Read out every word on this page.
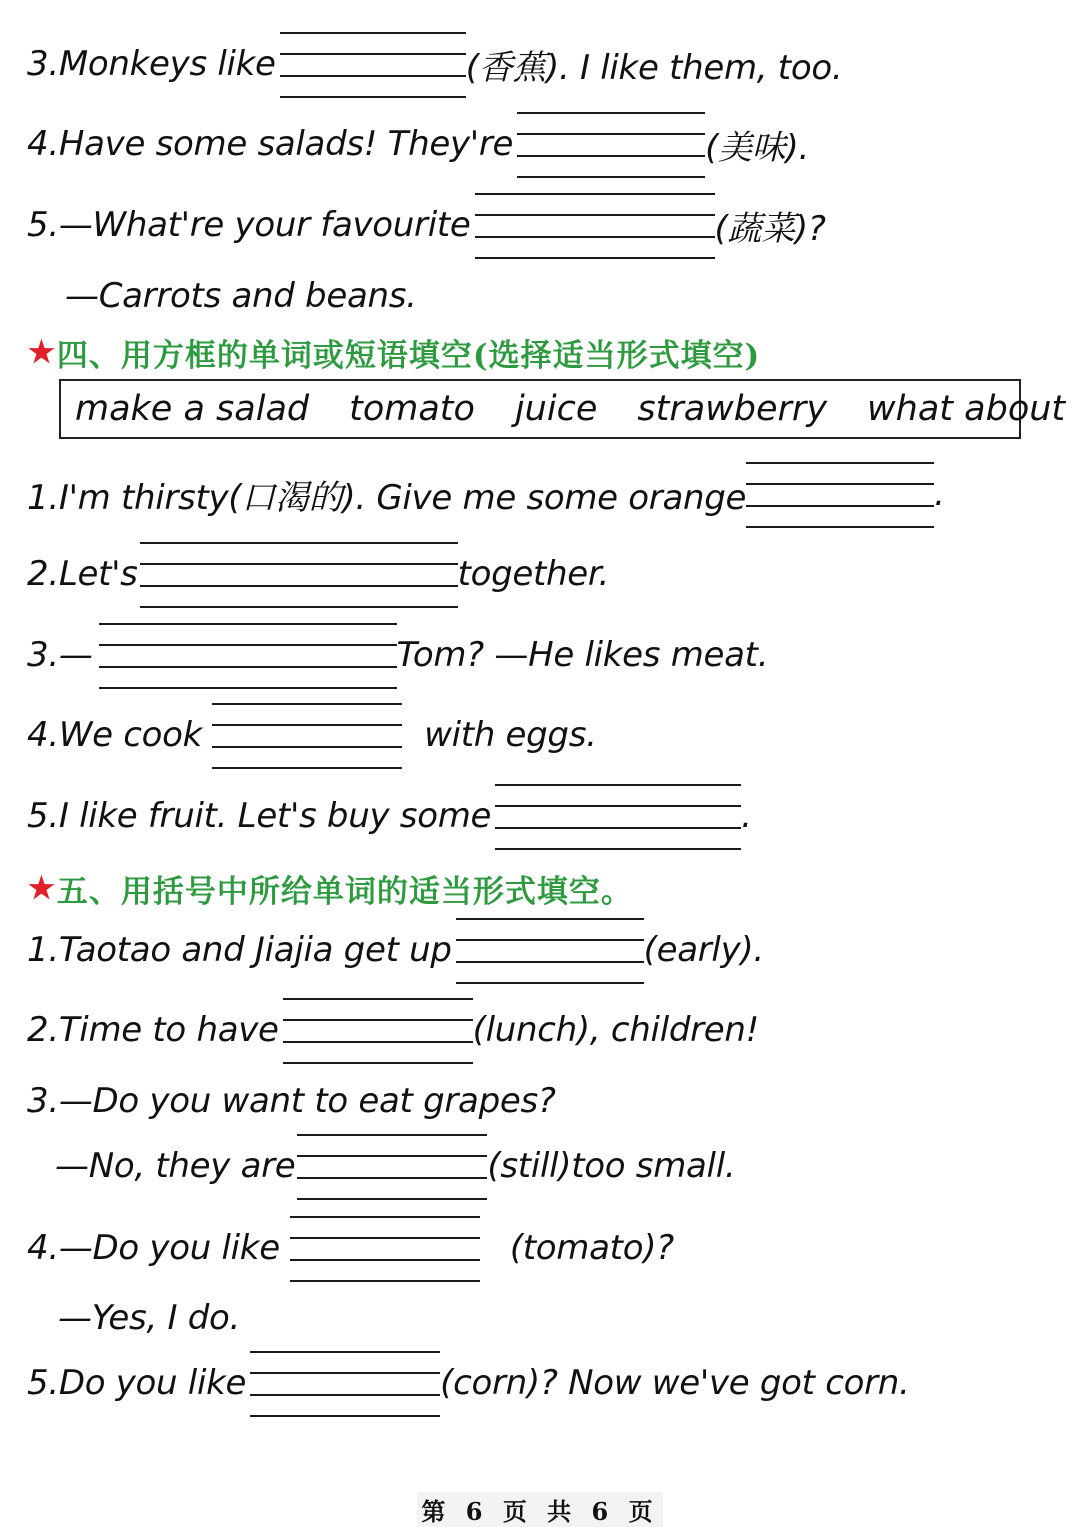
3.Monkeys like	(香蕉). I like them, too.
4.Have some salads! They're	(美味).
5.—What're your favourite	(蔬菜)?
—Carrots and beans.
★ 四、用方框的单词或短语填空(选择适当形式填空)
make a salad tomato juice strawberry what about
1.I'm thirsty(口渴的). Give me some orange	.
2.Let's	together.
3.—	Tom? —He likes meat.
4.We cook	with eggs.
5.I like fruit. Let's buy some	.
★ 五、用括号中所给单词的适当形式填空。
1.Taotao and Jiajia get up	(early).
2.Time to have	(lunch), children!
3.—Do you want to eat grapes?
—No, they are	(still)too small.
4.—Do you like	(tomato)?
—Yes, I do.
5.Do you like	(corn)? Now we've got corn.
第 6 页 共 6 页
